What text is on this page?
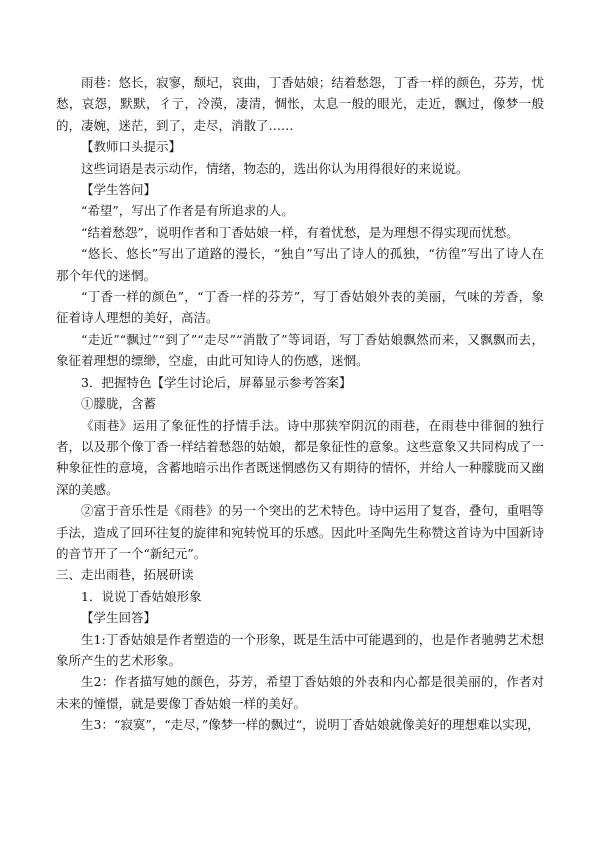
雨巷：悠长，寂寥，颓圮，哀曲，丁香姑娘；结着愁怨，丁香一样的颜色，芬芳，忧愁，哀怨，默默，彳亍，冷漠，凄清，惆怅，太息一般的眼光，走近，飘过，像梦一般的，凄婉，迷茫，到了，走尽，消散了……

【教师口头提示】

这些词语是表示动作，情绪，物态的，选出你认为用得很好的来说说。

【学生答问】

“希望”，写出了作者是有所追求的人。

“结着愁怨”，说明作者和丁香姑娘一样，有着忧愁，是为理想不得实现而忧愁。

“悠长、悠长”写出了道路的漫长，“独自”写出了诗人的孤独，“彷徨”写出了诗人在那个年代的迷惘。

“丁香一样的颜色”，“丁香一样的芬芳”，写丁香姑娘外表的美丽，气味的芳香，象征着诗人理想的美好，高洁。

“走近”“飘过”“到了”“走尽”“消散了”等词语，写丁香姑娘飘然而来，又飘飘而去，象征着理想的缥缈，空虚，由此可知诗人的伤感，迷惘。

3．把握特色【学生讨论后，屏幕显示参考答案】

①朦胧，含蓄

《雨巷》运用了象征性的抒情手法。诗中那狭窄阴沉的雨巷，在雨巷中徘徊的独行者，以及那个像丁香一样结着愁怨的姑娘，都是象征性的意象。这些意象又共同构成了一种象征性的意境，含蓄地暗示出作者既迷惘感伤又有期待的情怀，并给人一种朦胧而又幽深的美感。

②富于音乐性是《雨巷》的另一个突出的艺术特色。诗中运用了复沓，叠句，重唱等手法，造成了回环往复的旋律和宛转悦耳的乐感。因此叶圣陶先生称赞这首诗为中国新诗的音节开了一个“新纪元”。

三、走出雨巷，拓展研读

1．说说丁香姑娘形象

【学生回答】

生1:丁香姑娘是作者塑造的一个形象，既是生活中可能遇到的，也是作者驰骋艺术想象所产生的艺术形象。

生2：作者描写她的颜色，芬芳，希望丁香姑娘的外表和内心都是很美丽的，作者对未来的憧憬，就是要像丁香姑娘一样的美好。

生3：“寂寞”，“走尽，”像梦一样的飘过“，说明丁香姑娘就像美好的理想难以实现，
